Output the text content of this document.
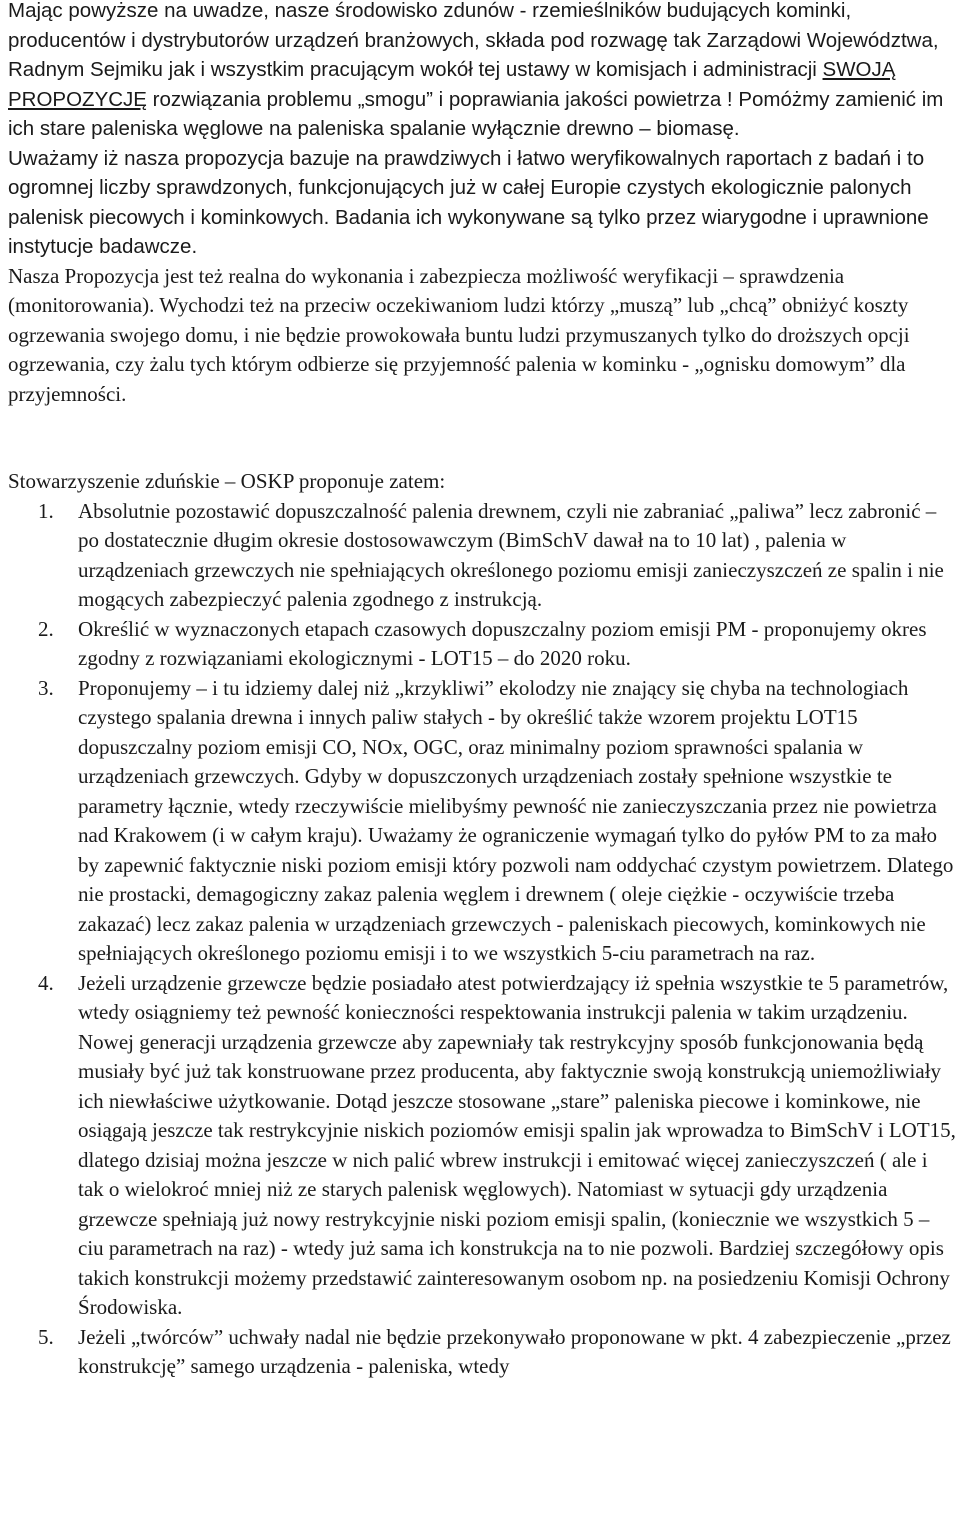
Mając powyższe na uwadze, nasze środowisko zdunów - rzemieślników budujących kominki, producentów i dystrybutorów urządzeń branżowych, składa pod rozwagę tak Zarządowi Województwa, Radnym Sejmiku jak i wszystkim pracującym wokół tej ustawy w komisjach i administracji SWOJĄ PROPOZYCJĘ rozwiązania problemu „smogu” i poprawiania jakości powietrza ! Pomóżmy zamienić im ich stare paleniska węglowe na paleniska spalanie wyłącznie drewno – biomasę.

Uważamy iż nasza propozycja bazuje na prawdziwych i łatwo weryfikowalnych raportach z badań i to ogromnej liczby sprawdzonych, funkcjonujących już w całej Europie czystych ekologicznie palonych palenisk piecowych i kominkowych. Badania ich wykonywane są tylko przez wiarygodne i uprawnione instytucje badawcze.

Nasza Propozycja jest też realna do wykonania i zabezpiecza możliwość weryfikacji – sprawdzenia (monitorowania). Wychodzi też na przeciw oczekiwaniom ludzi którzy „muszą” lub „chcą” obniżyć koszty ogrzewania swojego domu, i nie będzie prowokowała buntu ludzi przymuszanych tylko do droższych opcji ogrzewania, czy żalu tych którym odbierze się przyjemność palenia w kominku - „ognisku domowym” dla przyjemności.

Stowarzyszenie zduńskie – OSKP proponuje zatem:

1. Absolutnie pozostawić dopuszczalność palenia drewnem, czyli nie zabraniać „paliwa” lecz zabronić – po dostatecznie długim okresie dostosowawczym (BimSchV dawał na to 10 lat) , palenia w urządzeniach grzewczych nie spełniających określonego poziomu emisji zanieczyszczeń ze spalin i nie mogących zabezpieczyć palenia zgodnego z instrukcją.
2. Określić w wyznaczonych etapach czasowych dopuszczalny poziom emisji PM - proponujemy okres zgodny z rozwiązaniami ekologicznymi - LOT15 – do 2020 roku.
3. Proponujemy – i tu idziemy dalej niż „krzykliwi” ekolodzy nie znający się chyba na technologiach czystego spalania drewna i innych paliw stałych - by określić także wzorem projektu LOT15 dopuszczalny poziom emisji CO, NOx, OGC, oraz minimalny poziom sprawności spalania w urządzeniach grzewczych. Gdyby w dopuszczonych urządzeniach zostały spełnione wszystkie te parametry łącznie, wtedy rzeczywiście mielibyśmy pewność nie zanieczyszczania przez nie powietrza nad Krakowem (i w całym kraju). Uważamy że ograniczenie wymagań tylko do pyłów PM to za mało by zapewnić faktycznie niski poziom emisji który pozwoli nam oddychać czystym powietrzem. Dlatego nie prostacki, demagogiczny zakaz palenia węglem i drewnem ( oleje ciężkie - oczywiście trzeba zakazać) lecz zakaz palenia w urządzeniach grzewczych - paleniskach piecowych, kominkowych nie spełniających określonego poziomu emisji i to we wszystkich 5-ciu parametrach na raz.
4. Jeżeli urządzenie grzewcze będzie posiadało atest potwierdzający iż spełnia wszystkie te 5 parametrów, wtedy osiągniemy też pewność konieczności respektowania instrukcji palenia w takim urządzeniu. Nowej generacji urządzenia grzewcze aby zapewniały tak restrykcyjny sposób funkcjonowania będą musiały być już tak konstruowane przez producenta, aby faktycznie swoją konstrukcją uniemożliwiały ich niewłaściwe użytkowanie. Dotąd jeszcze stosowane „stare” paleniska piecowe i kominkowe, nie osiągają jeszcze tak restrykcyjnie niskich poziomów emisji spalin jak wprowadza to BimSchV i LOT15, dlatego dzisiaj można jeszcze w nich palić wbrew instrukcji i emitować więcej zanieczyszczeń ( ale i tak o wielokroć mniej niż ze starych palenisk węglowych). Natomiast w sytuacji gdy urządzenia grzewcze spełniają już nowy restrykcyjnie niski poziom emisji spalin, (koniecznie we wszystkich 5 – ciu parametrach na raz) - wtedy już sama ich konstrukcja na to nie pozwoli. Bardziej szczegółowy opis takich konstrukcji możemy przedstawić zainteresowanym osobom np. na posiedzeniu Komisji Ochrony Środowiska.
5. Jeżeli „twórców” uchwały nadal nie będzie przekonywało proponowane w pkt. 4 zabezpieczenie „przez konstrukcję” samego urządzenia - paleniska, wtedy
